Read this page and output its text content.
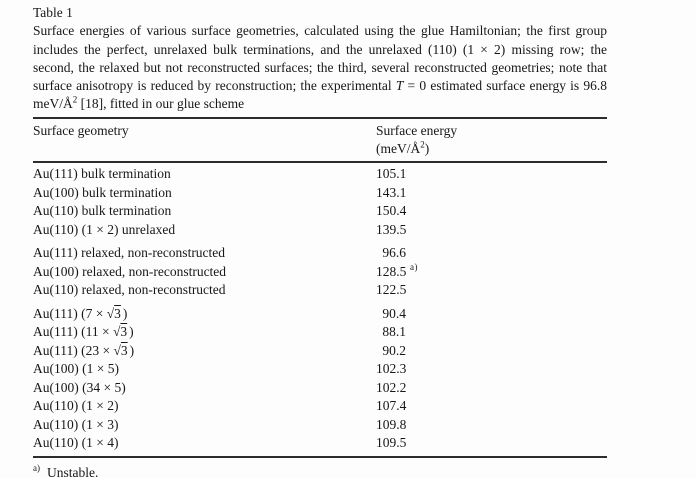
Table 1

Surface energies of various surface geometries, calculated using the glue Hamiltonian; the first group includes the perfect, unrelaxed bulk terminations, and the unrelaxed (110) (1 × 2) missing row; the second, the relaxed but not reconstructed surfaces; the third, several reconstructed geometries; note that surface anisotropy is reduced by reconstruction; the experimental T = 0 estimated surface energy is 96.8 meV/$Å^2$ [18], fitted in our glue scheme

Surface geometry	Surface energy
$(meV/Å^2)$
Au(111) bulk termination	105.1
Au(100) bulk termination	143.1
Au(110) bulk termination	150.4
Au(110) (1 × 2) unrelaxed	139.5
Au(111) relaxed, non-reconstructed	96.6
Au(100) relaxed, non-reconstructed	128.5 $^{a)}$
Au(110) relaxed, non-reconstructed	122.5
Au(111) (7 × √3 )	90.4
Au(111) (11 × √3 )	88.1
Au(111) (23 × √3 )	90.2
Au(100) (1 × 5)	102.3
Au(100) (34 × 5)	102.2
Au(110) (1 × 2)	107.4
Au(110) (1 × 3)	109.8
Au(110) (1 × 4)	109.5
$^{a)}$ Unstable.
